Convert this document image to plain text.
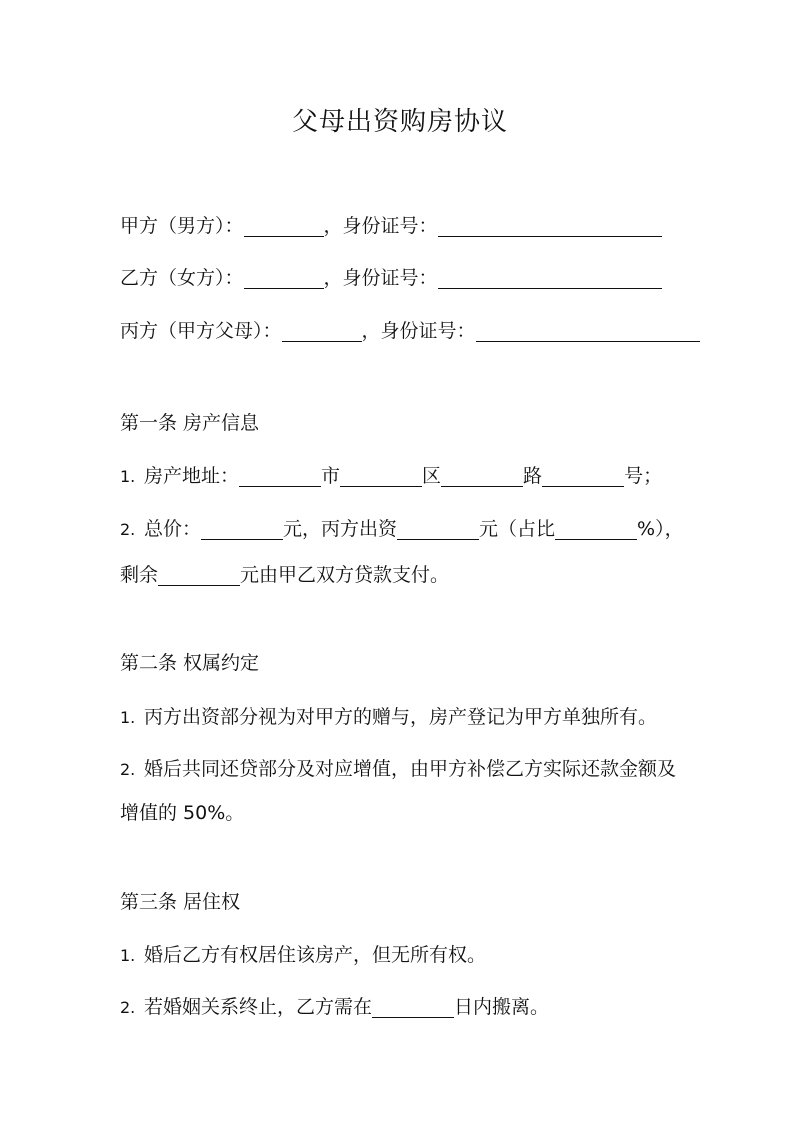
父母出资购房协议
甲方（男方）：	，身份证号：
乙方（女方）：	，身份证号：
丙方（甲方父母）：	，身份证号：
第一条 房产信息
1. 房产地址：	市	区	路	号；
2. 总价：	元，丙方出资	元（占比	%），
剩余	元由甲乙双方贷款支付。
第二条 权属约定
1. 丙方出资部分视为对甲方的赠与，房产登记为甲方单独所有。
2. 婚后共同还贷部分及对应增值，由甲方补偿乙方实际还款金额及
增值的 50%。
第三条 居住权
1. 婚后乙方有权居住该房产，但无所有权。
2. 若婚姻关系终止，乙方需在	日内搬离。
